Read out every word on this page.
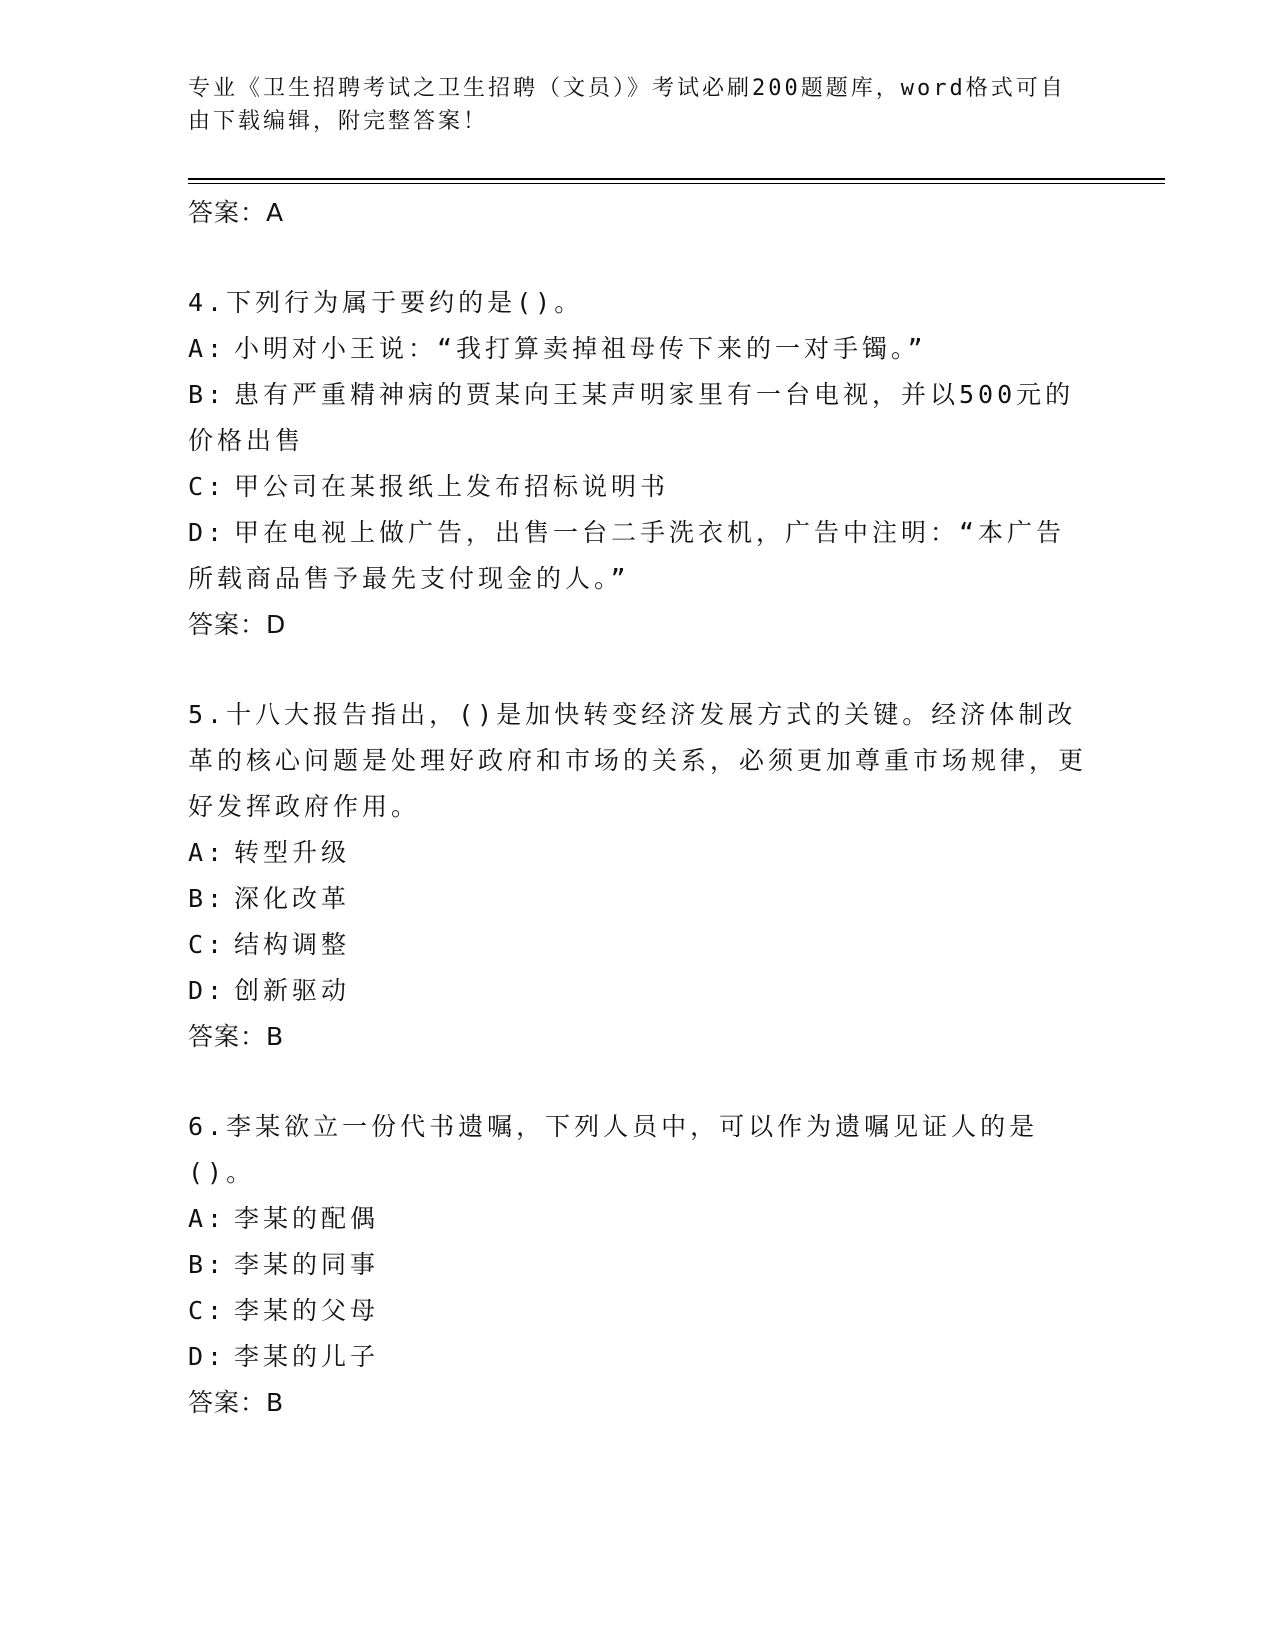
专业《卫生招聘考试之卫生招聘（文员）》考试必刷200题题库，word格式可自
由下载编辑，附完整答案！
答案：A
4.下列行为属于要约的是()。
A: 小明对小王说：“我打算卖掉祖母传下来的一对手镯。”
B: 患有严重精神病的贾某向王某声明家里有一台电视，并以500元的价格出售
C: 甲公司在某报纸上发布招标说明书
D: 甲在电视上做广告，出售一台二手洗衣机，广告中注明：“本广告所载商品售予最先支付现金的人。”
答案：D
5.十八大报告指出，()是加快转变经济发展方式的关键。经济体制改革的核心问题是处理好政府和市场的关系，必须更加尊重市场规律，更好发挥政府作用。
A: 转型升级
B: 深化改革
C: 结构调整
D: 创新驱动
答案：B
6.李某欲立一份代书遗嘱，下列人员中，可以作为遗嘱见证人的是()。
A: 李某的配偶
B: 李某的同事
C: 李某的父母
D: 李某的儿子
答案：B
